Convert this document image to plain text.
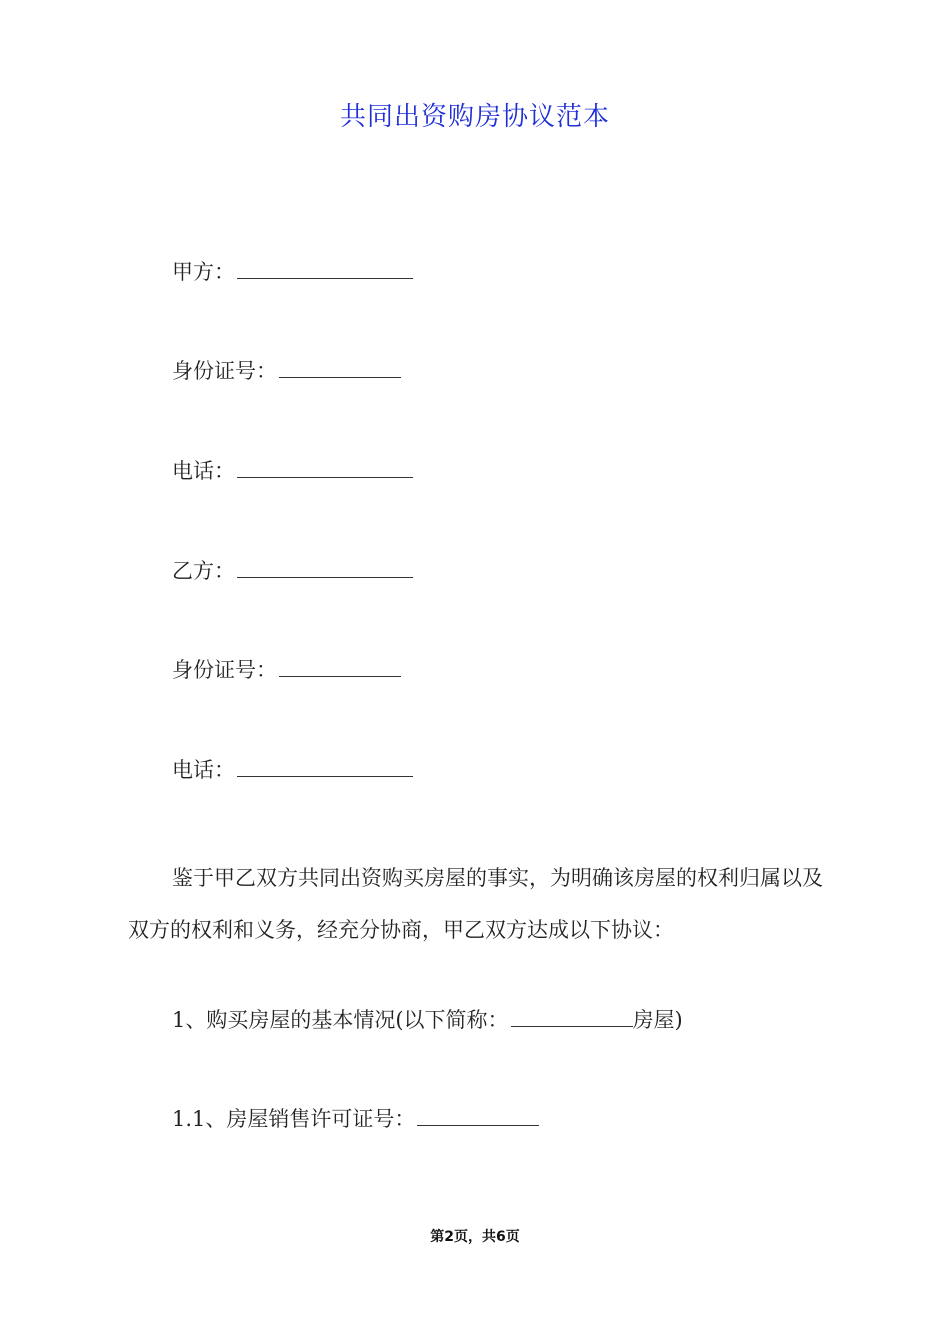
共同出资购房协议范本
甲方：
身份证号：
电话：
乙方：
身份证号：
电话：
鉴于甲乙双方共同出资购买房屋的事实，为明确该房屋的权利归属以及双方的权利和义务，经充分协商，甲乙双方达成以下协议：
1、购买房屋的基本情况(以下简称：	房屋)
1.1、房屋销售许可证号：
第2页，共6页
